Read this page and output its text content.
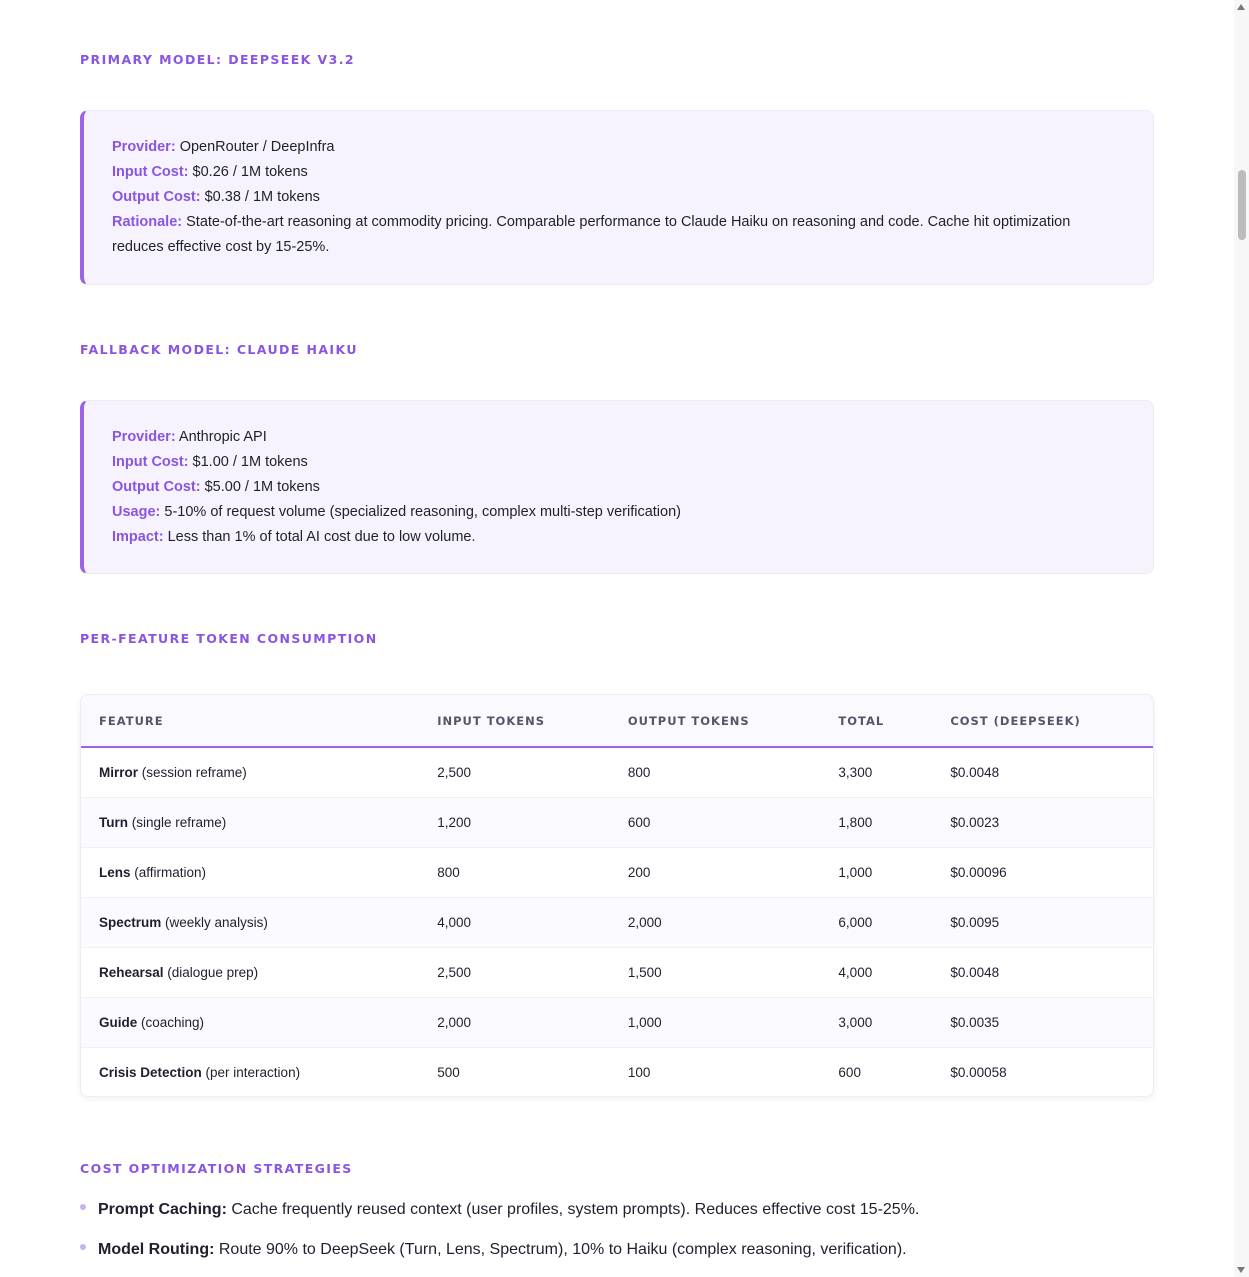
PRIMARY MODEL: DEEPSEEK V3.2
Provider: OpenRouter / DeepInfra
Input Cost: $0.26 / 1M tokens
Output Cost: $0.38 / 1M tokens
Rationale: State-of-the-art reasoning at commodity pricing. Comparable performance to Claude Haiku on reasoning and code. Cache hit optimization reduces effective cost by 15-25%.
FALLBACK MODEL: CLAUDE HAIKU
Provider: Anthropic API
Input Cost: $1.00 / 1M tokens
Output Cost: $5.00 / 1M tokens
Usage: 5-10% of request volume (specialized reasoning, complex multi-step verification)
Impact: Less than 1% of total AI cost due to low volume.
PER-FEATURE TOKEN CONSUMPTION
FEATURE	INPUT TOKENS	OUTPUT TOKENS	TOTAL	COST (DEEPSEEK)
Mirror (session reframe)	2,500	800	3,300	$0.0048
Turn (single reframe)	1,200	600	1,800	$0.0023
Lens (affirmation)	800	200	1,000	$0.00096
Spectrum (weekly analysis)	4,000	2,000	6,000	$0.0095
Rehearsal (dialogue prep)	2,500	1,500	4,000	$0.0048
Guide (coaching)	2,000	1,000	3,000	$0.0035
Crisis Detection (per interaction)	500	100	600	$0.00058
COST OPTIMIZATION STRATEGIES
Prompt Caching: Cache frequently reused context (user profiles, system prompts). Reduces effective cost 15-25%.
Model Routing: Route 90% to DeepSeek (Turn, Lens, Spectrum), 10% to Haiku (complex reasoning, verification).
